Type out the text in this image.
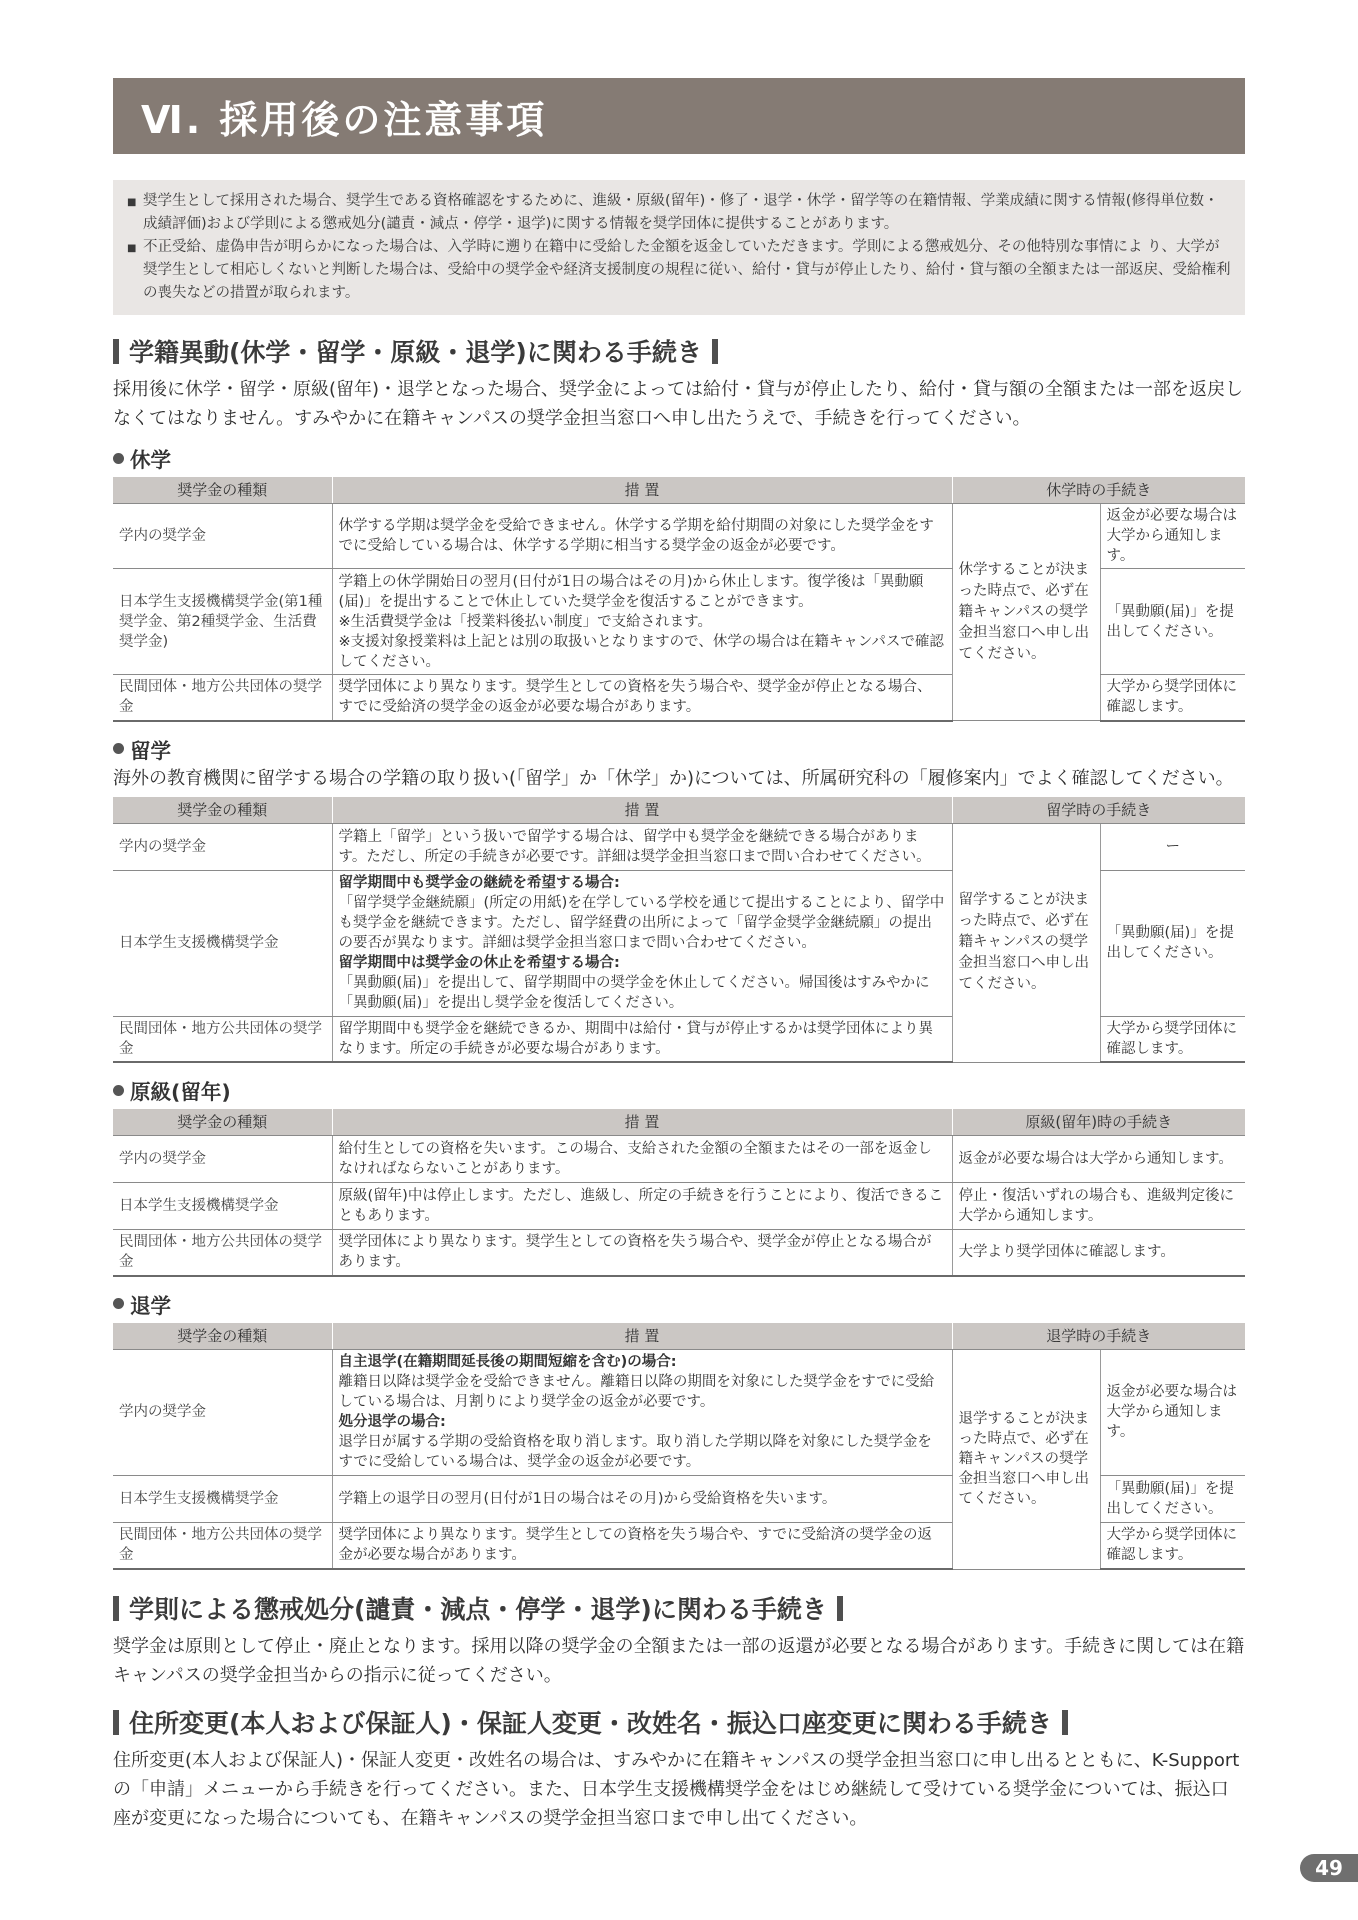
Ⅵ. 採用後の注意事項
■ 奨学生として採用された場合、奨学生である資格確認をするために、進級・原級(留年)・修了・退学・休学・留学等の在籍情報、学業成績に関する情報(修得単位数・成績評価)および学則による懲戒処分(譴責・減点・停学・退学)に関する情報を奨学団体に提供することがあります。
■ 不正受給、虚偽申告が明らかになった場合は、入学時に遡り在籍中に受給した金額を返金していただきます。学則による懲戒処分、その他特別な事情によ り、大学が奨学生として相応しくないと判断した場合は、受給中の奨学金や経済支援制度の規程に従い、給付・貸与が停止したり、給付・貸与額の全額または一部返戻、受給権利の喪失などの措置が取られます。
学籍異動(休学・留学・原級・退学)に関わる手続き
採用後に休学・留学・原級(留年)・退学となった場合、奨学金によっては給付・貸与が停止したり、給付・貸与額の全額または一部を返戻しなくてはなりません。すみやかに在籍キャンパスの奨学金担当窓口へ申し出たうえで、手続きを行ってください。
休学
奨学金の種類	措 置	休学時の手続き	
学内の奨学金	休学する学期は奨学金を受給できません。休学する学期を給付期間の対象にした奨学金をすでに受給している場合は、休学する学期に相当する奨学金の返金が必要です。	休学することが決まった時点で、必ず在籍キャンパスの奨学金担当窓口へ申し出てください。	返金が必要な場合は大学から通知します。
日本学生支援機構奨学金(第1種奨学金、第2種奨学金、生活費奨学金)	学籍上の休学開始日の翌月(日付が1日の場合はその月)から休止します。復学後は「異動願(届)」を提出することで休止していた奨学金を復活することができます。
※生活費奨学金は「授業料後払い制度」で支給されます。
※支援対象授業料は上記とは別の取扱いとなりますので、休学の場合は在籍キャンパスで確認してください。		「異動願(届)」を提出してください。
民間団体・地方公共団体の奨学金	奨学団体により異なります。奨学生としての資格を失う場合や、奨学金が停止となる場合、すでに受給済の奨学金の返金が必要な場合があります。		大学から奨学団体に確認します。
留学
海外の教育機関に留学する場合の学籍の取り扱い(「留学」か「休学」か)については、所属研究科の「履修案内」でよく確認してください。
奨学金の種類	措 置	留学時の手続き	
学内の奨学金	学籍上「留学」という扱いで留学する場合は、留学中も奨学金を継続できる場合があります。ただし、所定の手続きが必要です。詳細は奨学金担当窓口まで問い合わせてください。	留学することが決まった時点で、必ず在籍キャンパスの奨学金担当窓口へ申し出てください。	ー
日本学生支援機構奨学金	留学期間中も奨学金の継続を希望する場合:
「留学奨学金継続願」(所定の用紙)を在学している学校を通じて提出することにより、留学中も奨学金を継続できます。ただし、留学経費の出所によって「留学金奨学金継続願」の提出の要否が異なります。詳細は奨学金担当窓口まで問い合わせてください。
留学期間中は奨学金の休止を希望する場合:
「異動願(届)」を提出して、留学期間中の奨学金を休止してください。帰国後はすみやかに「異動願(届)」を提出し奨学金を復活してください。		「異動願(届)」を提出してください。
民間団体・地方公共団体の奨学金	留学期間中も奨学金を継続できるか、期間中は給付・貸与が停止するかは奨学団体により異なります。所定の手続きが必要な場合があります。		大学から奨学団体に確認します。
原級(留年)
奨学金の種類	措 置	原級(留年)時の手続き
学内の奨学金	給付生としての資格を失います。この場合、支給された金額の全額またはその一部を返金しなければならないことがあります。	返金が必要な場合は大学から通知します。
日本学生支援機構奨学金	原級(留年)中は停止します。ただし、進級し、所定の手続きを行うことにより、復活できることもあります。	停止・復活いずれの場合も、進級判定後に大学から通知します。
民間団体・地方公共団体の奨学金	奨学団体により異なります。奨学生としての資格を失う場合や、奨学金が停止となる場合があります。	大学より奨学団体に確認します。
退学
奨学金の種類	措 置	退学時の手続き	
学内の奨学金	自主退学(在籍期間延長後の期間短縮を含む)の場合:
離籍日以降は奨学金を受給できません。離籍日以降の期間を対象にした奨学金をすでに受給している場合は、月割りにより奨学金の返金が必要です。
処分退学の場合:
退学日が属する学期の受給資格を取り消します。取り消した学期以降を対象にした奨学金をすでに受給している場合は、奨学金の返金が必要です。	退学することが決まった時点で、必ず在籍キャンパスの奨学金担当窓口へ申し出てください。	返金が必要な場合は大学から通知します。
日本学生支援機構奨学金	学籍上の退学日の翌月(日付が1日の場合はその月)から受給資格を失います。		「異動願(届)」を提出してください。
民間団体・地方公共団体の奨学金	奨学団体により異なります。奨学生としての資格を失う場合や、すでに受給済の奨学金の返金が必要な場合があります。		大学から奨学団体に確認します。
学則による懲戒処分(譴責・減点・停学・退学)に関わる手続き
奨学金は原則として停止・廃止となります。採用以降の奨学金の全額または一部の返還が必要となる場合があります。手続きに関しては在籍キャンパスの奨学金担当からの指示に従ってください。
住所変更(本人および保証人)・保証人変更・改姓名・振込口座変更に関わる手続き
住所変更(本人および保証人)・保証人変更・改姓名の場合は、すみやかに在籍キャンパスの奨学金担当窓口に申し出るとともに、K-Supportの「申請」メニューから手続きを行ってください。また、日本学生支援機構奨学金をはじめ継続して受けている奨学金については、振込口座が変更になった場合についても、在籍キャンパスの奨学金担当窓口まで申し出てください。
49
